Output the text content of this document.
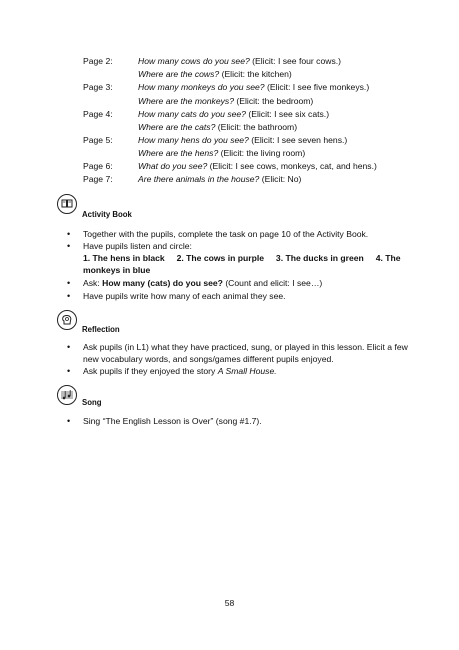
Page 2:	How many cows do you see? (Elicit: I see four cows.)
Where are the cows? (Elicit: the kitchen)
Page 3:	How many monkeys do you see? (Elicit: I see five monkeys.)
Where are the monkeys? (Elicit: the bedroom)
Page 4:	How many cats do you see? (Elicit: I see six cats.)
Where are the cats? (Elicit: the bathroom)
Page 5:	How many hens do you see? (Elicit: I see seven hens.)
Where are the hens? (Elicit: the living room)
Page 6:	What do you see? (Elicit: I see cows, monkeys, cat, and hens.)
Page 7:	Are there animals in the house? (Elicit: No)
Activity Book
• Together with the pupils, complete the task on page 10 of the Activity Book.
• Have pupils listen and circle:
1. The hens in black     2. The cows in purple     3. The ducks in green     4. The
monkeys in blue
• Ask: How many (cats) do you see? (Count and elicit: I see…)
• Have pupils write how many of each animal they see.
Reflection
• Ask pupils (in L1) what they have practiced, sung, or played in this lesson. Elicit a few
new vocabulary words, and songs/games different pupils enjoyed.
• Ask pupils if they enjoyed the story A Small House.
Song
• Sing “The English Lesson is Over” (song #1.7).
58
